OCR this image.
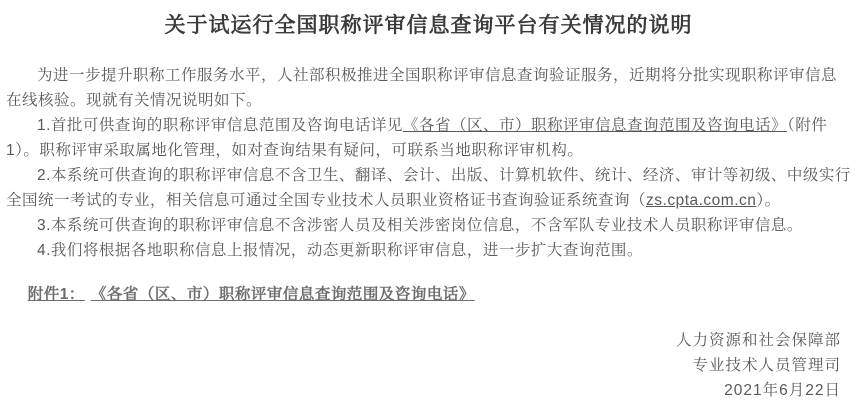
关于试运行全国职称评审信息查询平台有关情况的说明

为进一步提升职称工作服务水平，人社部积极推进全国职称评审信息查询验证服务，近期将分批实现职称评审信息在线核验。现就有关情况说明如下。

1.首批可供查询的职称评审信息范围及咨询电话详见《各省（区、市）职称评审信息查询范围及咨询电话》（附件1）。职称评审采取属地化管理，如对查询结果有疑问，可联系当地职称评审机构。

2.本系统可供查询的职称评审信息不含卫生、翻译、会计、出版、计算机软件、统计、经济、审计等初级、中级实行全国统一考试的专业，相关信息可通过全国专业技术人员职业资格证书查询验证系统查询（zs.cpta.com.cn）。

3.本系统可供查询的职称评审信息不含涉密人员及相关涉密岗位信息，不含军队专业技术人员职称评审信息。

4.我们将根据各地职称信息上报情况，动态更新职称评审信息，进一步扩大查询范围。

附件1： 《各省（区、市）职称评审信息查询范围及咨询电话》

人力资源和社会保障部

专业技术人员管理司

2021年6月22日
